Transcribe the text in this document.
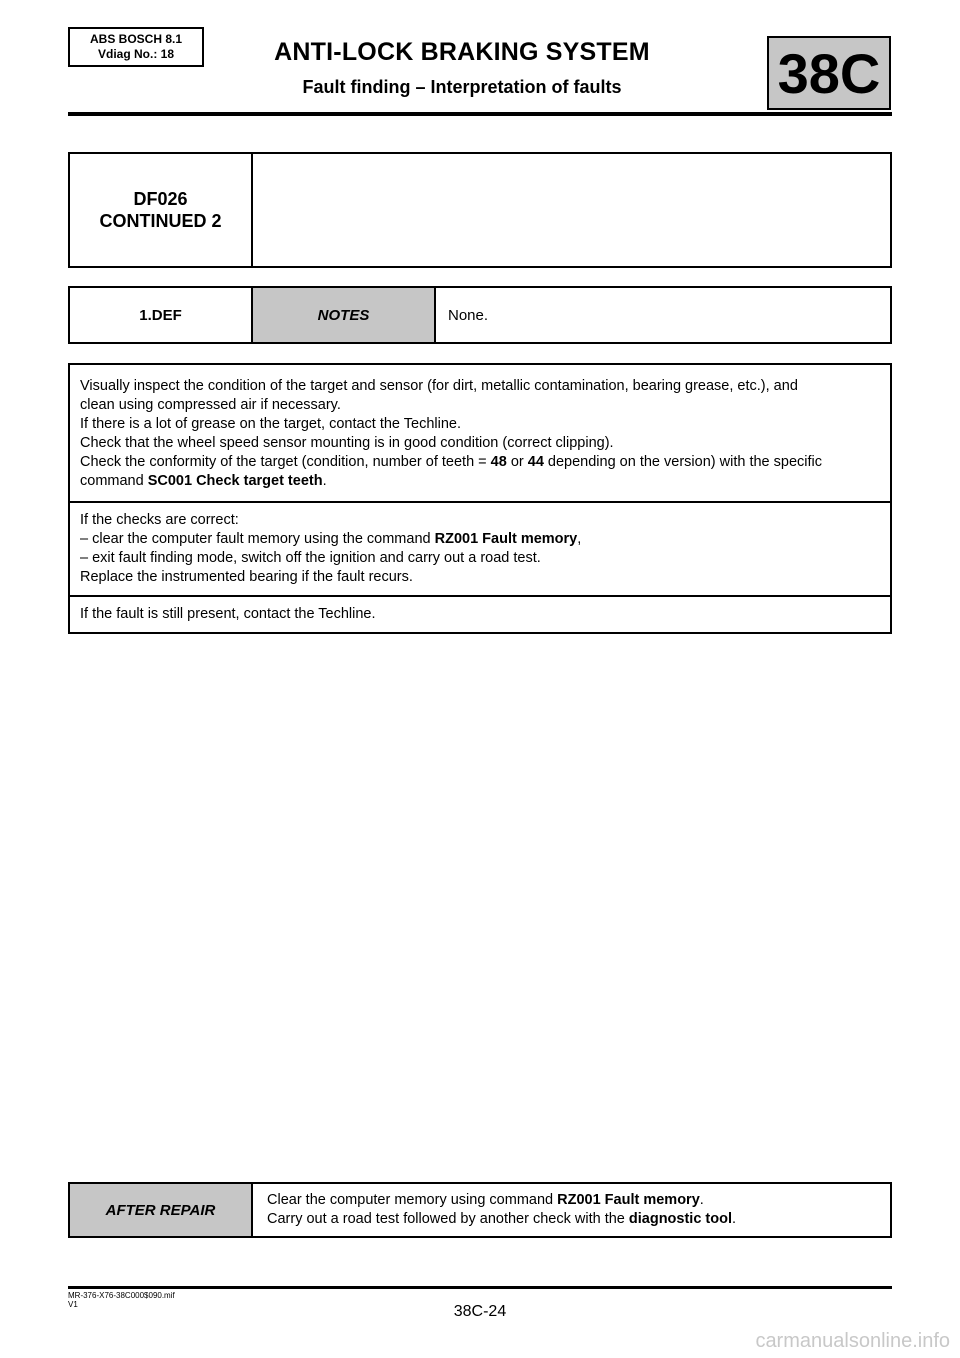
ABS BOSCH 8.1
Vdiag No.: 18	ANTI-LOCK BRAKING SYSTEM
Fault finding – Interpretation of faults	38C
DF026
CONTINUED 2

1.DEF	NOTES	None.
Visually inspect the condition of the target and sensor (for dirt, metallic contamination, bearing grease, etc.), and
clean using compressed air if necessary.
If there is a lot of grease on the target, contact the Techline.
Check that the wheel speed sensor mounting is in good condition (correct clipping).
Check the conformity of the target (condition, number of teeth = 48 or 44 depending on the version) with the specific
command SC001 Check target teeth.

If the checks are correct:
– clear the computer fault memory using the command RZ001 Fault memory,
– exit fault finding mode, switch off the ignition and carry out a road test.
Replace the instrumented bearing if the fault recurs.

If the fault is still present, contact the Techline.
AFTER REPAIR	
Clear the computer memory using command RZ001 Fault memory.
Carry out a road test followed by another check with the diagnostic tool.
MR-376-X76-38C000$090.mif
V1	38C-24
carmanualsonline.info
